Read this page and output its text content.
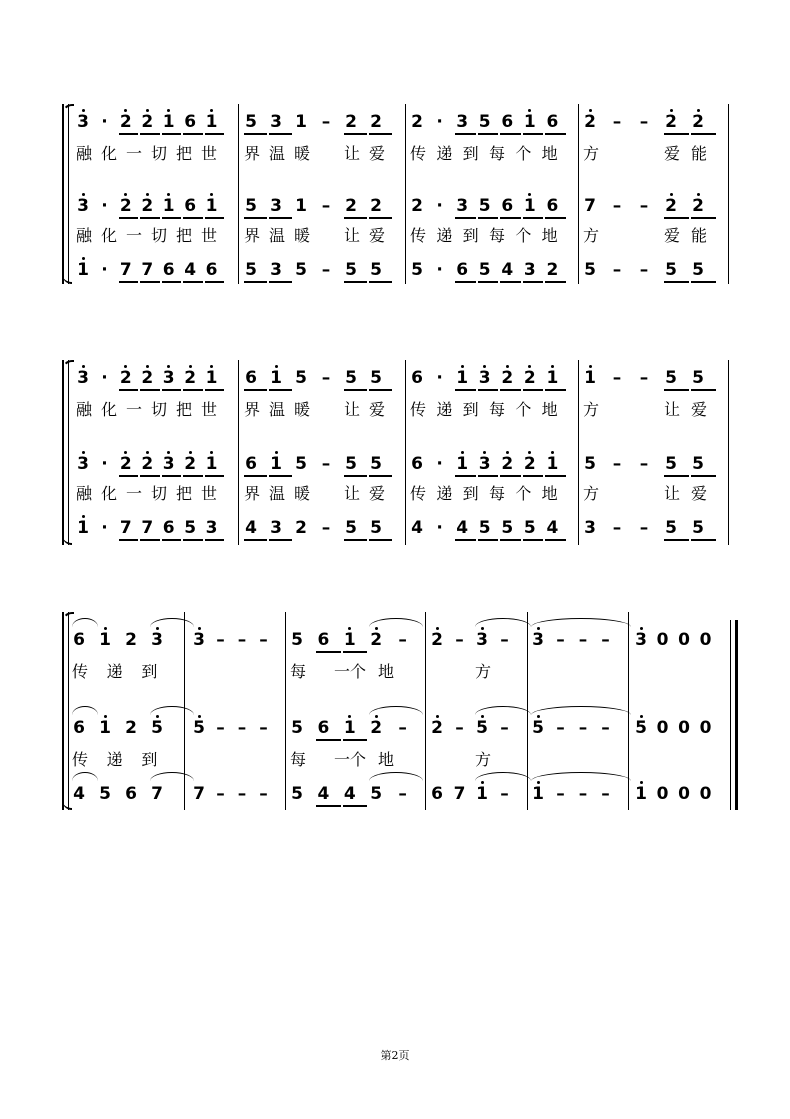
3 · 2 2 1 6 1 5 3 1 – 2 2 2 · 3 5 6 1 6 2 – – 2 2
融 化 一 切 把 世 界 温 暖 让 爱 传 递 到 每 个 地 方	爱 能
3 · 2 2 1 6 1 5 3 1 – 2 2 2 · 3 5 6 1 6 7 – – 2 2
融 化 一 切 把 世 界 温 暖 让 爱 传 递 到 每 个 地 方	爱 能
1 · 7 7 6 4 6 5 3 5 – 5 5 5 · 6 5 4 3 2 5 – – 5 5
3 · 2 2 3 2 1 6 1 5 – 5 5 6 · 1 3 2 2 1 1 – – 5 5
融 化 一 切 把 世 界 温 暖 让 爱 传 递 到 每 个 地 方	让 爱
3 · 2 2 3 2 1 6 1 5 – 5 5 6 · 1 3 2 2 1 5 – – 5 5
融 化 一 切 把 世 界 温 暖 让 爱 传 递 到 每 个 地 方	让 爱
1 · 7 7 6 5 3 4 3 2 – 5 5 4 · 4 5 5 5 4 3 – – 5 5
6 1 2 3 3 – – – 5 6 1 2 – 2 – 3 – 3 – – – 3 0 0 0
传 递 到	每 一个 地	方
6 1 2 5 5 – – – 5 6 1 2 – 2 – 5 – 5 – – – 5 0 0 0
传 递 到	每 一个 地	方
4 5 6 7 7 – – – 5 4 4 5 – 6 7 1 – 1 – – – 1 0 0 0
第2页
